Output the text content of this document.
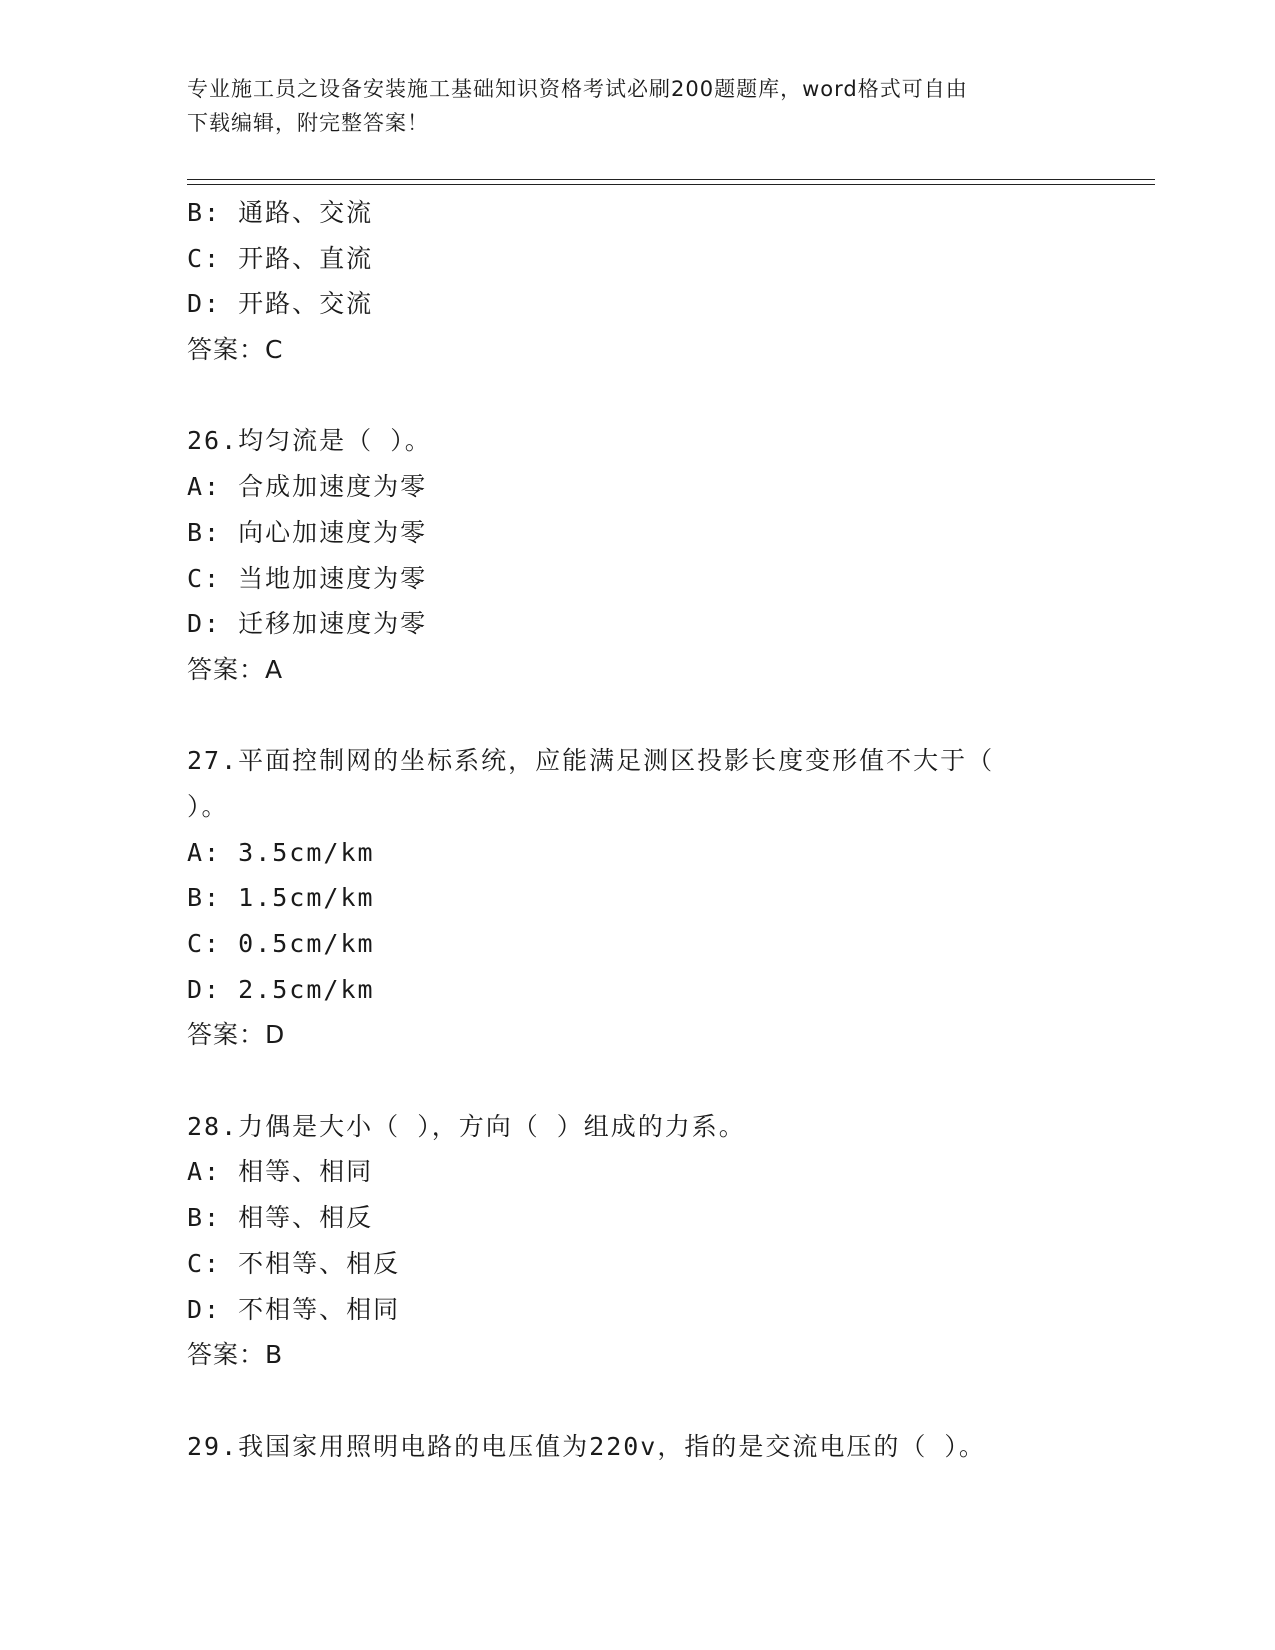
专业施工员之设备安装施工基础知识资格考试必刷200题题库，word格式可自由
下载编辑，附完整答案！
B: 通路、交流
C: 开路、直流
D: 开路、交流
答案：C
26.均匀流是（ ）。
A: 合成加速度为零
B: 向心加速度为零
C: 当地加速度为零
D: 迁移加速度为零
答案：A
27.平面控制网的坐标系统，应能满足测区投影长度变形值不大于（
）。
A: 3.5cm/km
B: 1.5cm/km
C: 0.5cm/km
D: 2.5cm/km
答案：D
28.力偶是大小（ ），方向（ ）组成的力系。
A: 相等、相同
B: 相等、相反
C: 不相等、相反
D: 不相等、相同
答案：B
29.我国家用照明电路的电压值为220v，指的是交流电压的（ ）。
